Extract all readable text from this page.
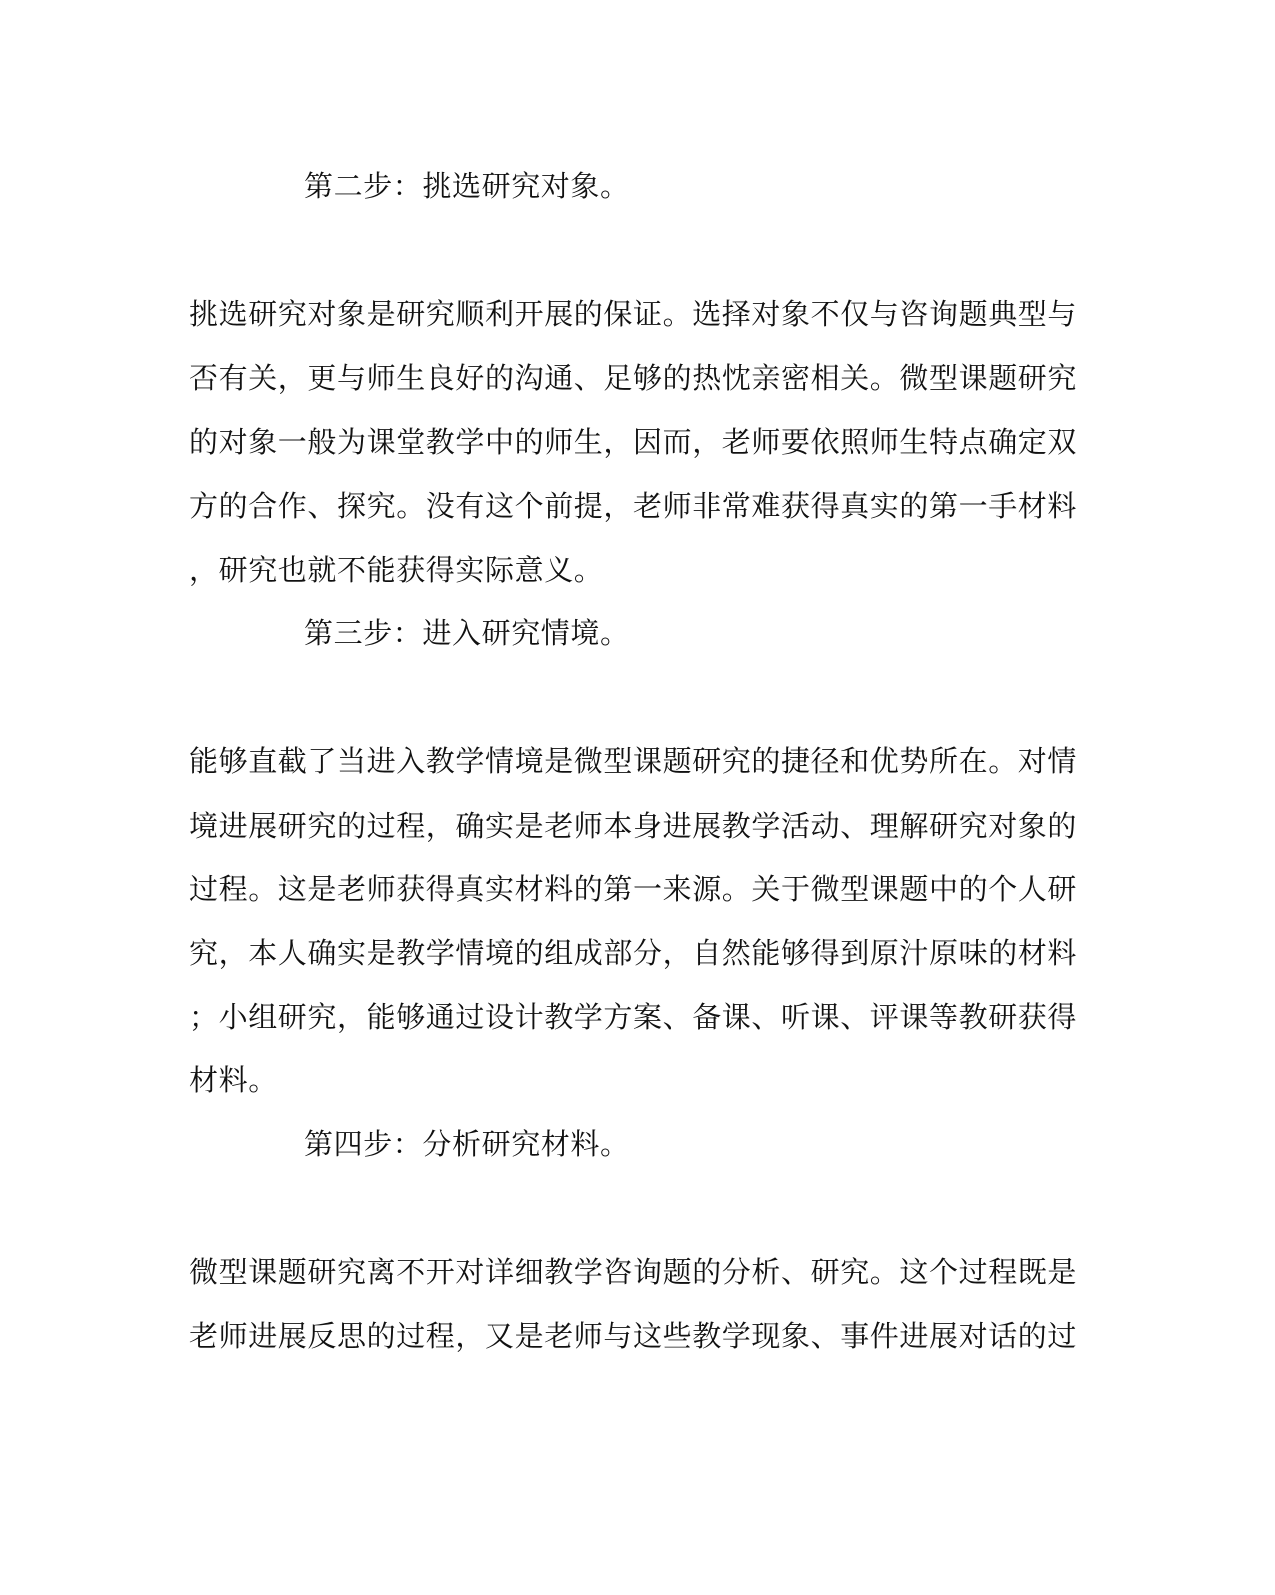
第二步：挑选研究对象。
挑选研究对象是研究顺利开展的保证。选择对象不仅与咨询题典型与
否有关，更与师生良好的沟通、足够的热忱亲密相关。微型课题研究
的对象一般为课堂教学中的师生，因而，老师要依照师生特点确定双
方的合作、探究。没有这个前提，老师非常难获得真实的第一手材料
，研究也就不能获得实际意义。
第三步：进入研究情境。
能够直截了当进入教学情境是微型课题研究的捷径和优势所在。对情
境进展研究的过程，确实是老师本身进展教学活动、理解研究对象的
过程。这是老师获得真实材料的第一来源。关于微型课题中的个人研
究，本人确实是教学情境的组成部分，自然能够得到原汁原味的材料
；小组研究，能够通过设计教学方案、备课、听课、评课等教研获得
材料。
第四步：分析研究材料。
微型课题研究离不开对详细教学咨询题的分析、研究。这个过程既是
老师进展反思的过程，又是老师与这些教学现象、事件进展对话的过
